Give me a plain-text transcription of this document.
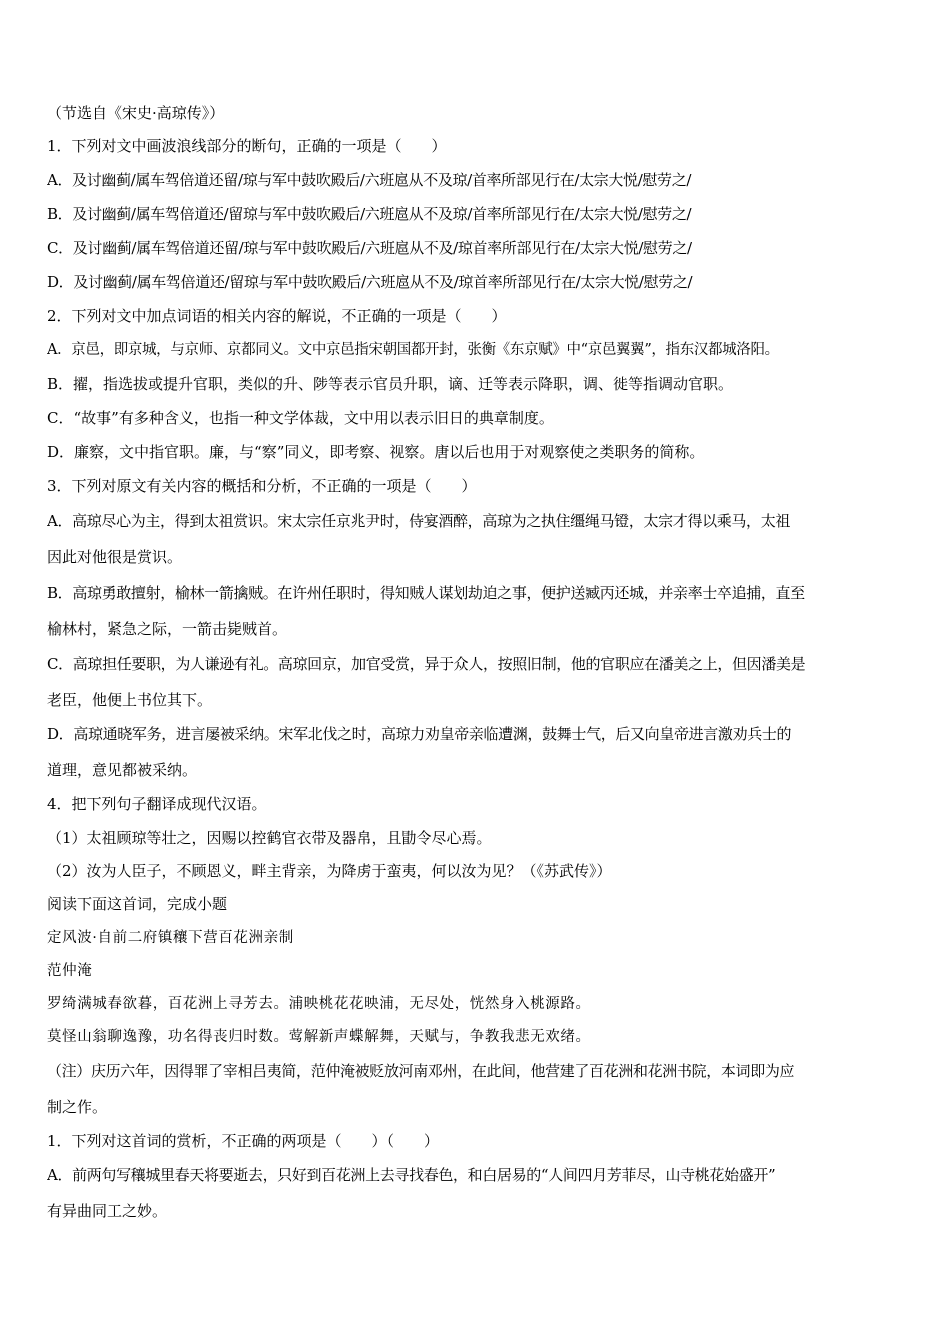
（节选自《宋史·高琼传》）
1．下列对文中画波浪线部分的断句，正确的一项是（　　）
A．及讨幽蓟/属车驾倍道还留/琼与军中鼓吹殿后/六班扈从不及琼/首率所部见行在/太宗大悦/慰劳之/
B．及讨幽蓟/属车驾倍道还/留琼与军中鼓吹殿后/六班扈从不及琼/首率所部见行在/太宗大悦/慰劳之/
C．及讨幽蓟/属车驾倍道还留/琼与军中鼓吹殿后/六班扈从不及/琼首率所部见行在/太宗大悦/慰劳之/
D．及讨幽蓟/属车驾倍道还/留琼与军中鼓吹殿后/六班扈从不及/琼首率所部见行在/太宗大悦/慰劳之/
2．下列对文中加点词语的相关内容的解说，不正确的一项是（　　）
A．京邑，即京城，与京师、京都同义。文中京邑指宋朝国都开封，张衡《东京赋》中“京邑翼翼”，指东汉都城洛阳。
B．擢，指选拔或提升官职，类似的升、陟等表示官员升职，谪、迁等表示降职，调、徙等指调动官职。
C．“故事”有多种含义，也指一种文学体裁，文中用以表示旧日的典章制度。
D．廉察，文中指官职。廉，与“察”同义，即考察、视察。唐以后也用于对观察使之类职务的简称。
3．下列对原文有关内容的概括和分析，不正确的一项是（　　）
A．高琼尽心为主，得到太祖赏识。宋太宗任京兆尹时，侍宴酒醉，高琼为之执住缰绳马镫，太宗才得以乘马，太祖
因此对他很是赏识。
B．高琼勇敢擅射，榆林一箭擒贼。在许州任职时，得知贼人谋划劫迫之事，便护送臧丙还城，并亲率士卒追捕，直至
榆林村，紧急之际，一箭击毙贼首。
C．高琼担任要职，为人谦逊有礼。高琼回京，加官受赏，异于众人，按照旧制，他的官职应在潘美之上，但因潘美是
老臣，他便上书位其下。
D．高琼通晓军务，进言屡被采纳。宋军北伐之时，高琼力劝皇帝亲临遭渊，鼓舞士气，后又向皇帝进言激劝兵士的
道理，意见都被采纳。
4．把下列句子翻译成现代汉语。
（1）太祖顾琼等壮之，因赐以控鹤官衣带及器帛，且勖令尽心焉。
（2）汝为人臣子，不顾恩义，畔主背亲，为降虏于蛮夷，何以汝为见？（《苏武传》）
阅读下面这首词，完成小题
定风波·自前二府镇穰下营百花洲亲制
范仲淹
罗绮满城春欲暮，百花洲上寻芳去。浦映桃花花映浦，无尽处，恍然身入桃源路。
莫怪山翁聊逸豫，功名得丧归时数。莺解新声蝶解舞，天赋与，争教我悲无欢绪。
（注）庆历六年，因得罪了宰相吕夷简，范仲淹被贬放河南邓州，在此间，他营建了百花洲和花洲书院，本词即为应
制之作。
1．下列对这首词的赏析，不正确的两项是（　　）（　　）
A．前两句写穰城里春天将要逝去，只好到百花洲上去寻找春色，和白居易的“人间四月芳菲尽，山寺桃花始盛开”
有异曲同工之妙。
